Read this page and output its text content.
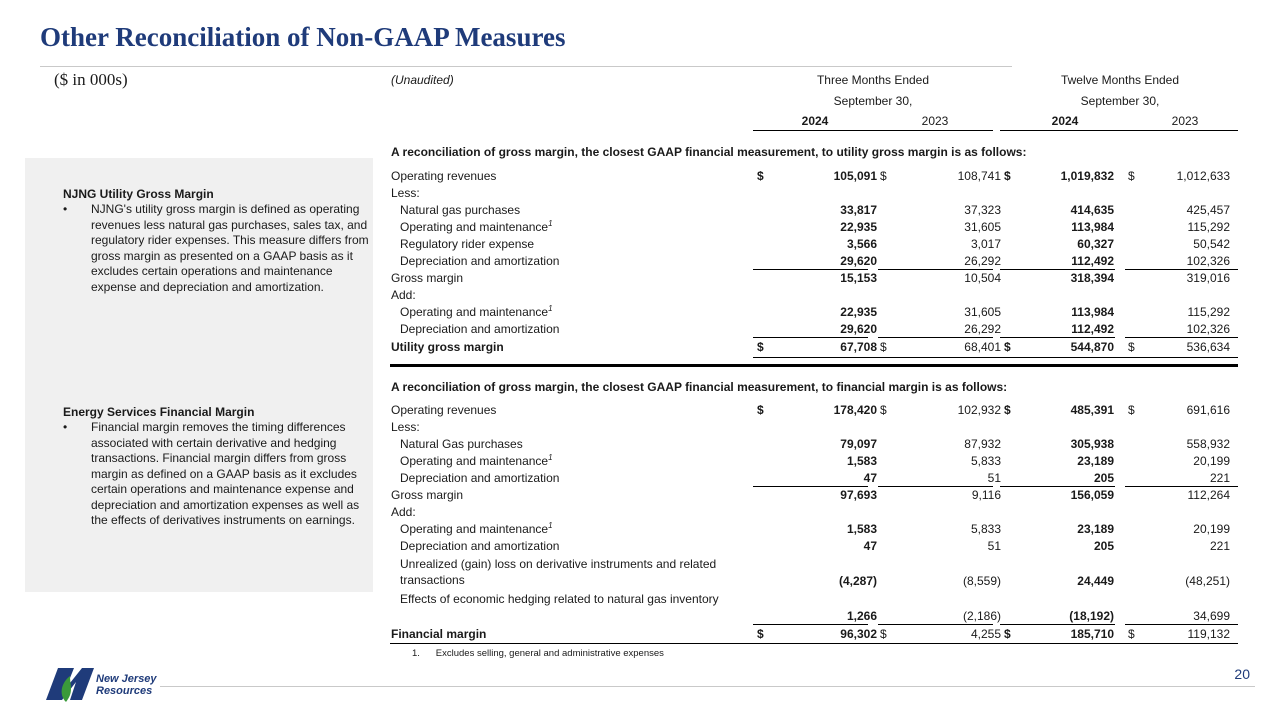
Other Reconciliation of Non-GAAP Measures
($ in 000s)
NJNG Utility Gross Margin
• NJNG's utility gross margin is defined as operating revenues less natural gas purchases, sales tax, and regulatory rider expenses. This measure differs from gross margin as presented on a GAAP basis as it excludes certain operations and maintenance expense and depreciation and amortization.
Energy Services Financial Margin
• Financial margin removes the timing differences associated with certain derivative and hedging transactions. Financial margin differs from gross margin as defined on a GAAP basis as it excludes certain operations and maintenance expense and depreciation and amortization expenses as well as the effects of derivatives instruments on earnings.
(Unaudited)	Three Months Ended
September 30,
2024	2023
Twelve Months Ended
September 30,
2024	2023
A reconciliation of gross margin, the closest GAAP financial measurement, to utility gross margin is as follows:
Operating revenues	$	105,091 $	108,741 $	1,019,832 $	1,012,633
Less:
Natural gas purchases	33,817	37,323	414,635	425,457
Operating and maintenance$^1$	22,935	31,605	113,984	115,292
Regulatory rider expense	3,566	3,017	60,327	50,542
Depreciation and amortization	29,620	26,292	112,492	102,326
Gross margin	15,153	10,504	318,394	319,016
Add:
Operating and maintenance$^1$	22,935	31,605	113,984	115,292
Depreciation and amortization	29,620	26,292	112,492	102,326
Utility gross margin	$	67,708 $	68,401 $	544,870 $	536,634
A reconciliation of gross margin, the closest GAAP financial measurement, to financial margin is as follows:
Operating revenues	$	178,420 $	102,932 $	485,391 $	691,616
Less:
Natural Gas purchases	79,097	87,932	305,938	558,932
Operating and maintenance$^1$	1,583	5,833	23,189	20,199
Depreciation and amortization	47	51	205	221
Gross margin	97,693	9,116	156,059	112,264
Add:
Operating and maintenance$^1$	1,583	5,833	23,189	20,199
Depreciation and amortization	47	51	205	221
Unrealized (gain) loss on derivative instruments and related transactions	(4,287)	(8,559)	24,449	(48,251)
Effects of economic hedging related to natural gas inventory
1,266	(2,186)	(18,192)	34,699
Financial margin	$	96,302 $	4,255 $	185,710 $	119,132
1. Excludes selling, general and administrative expenses
New Jersey
Resources
20
